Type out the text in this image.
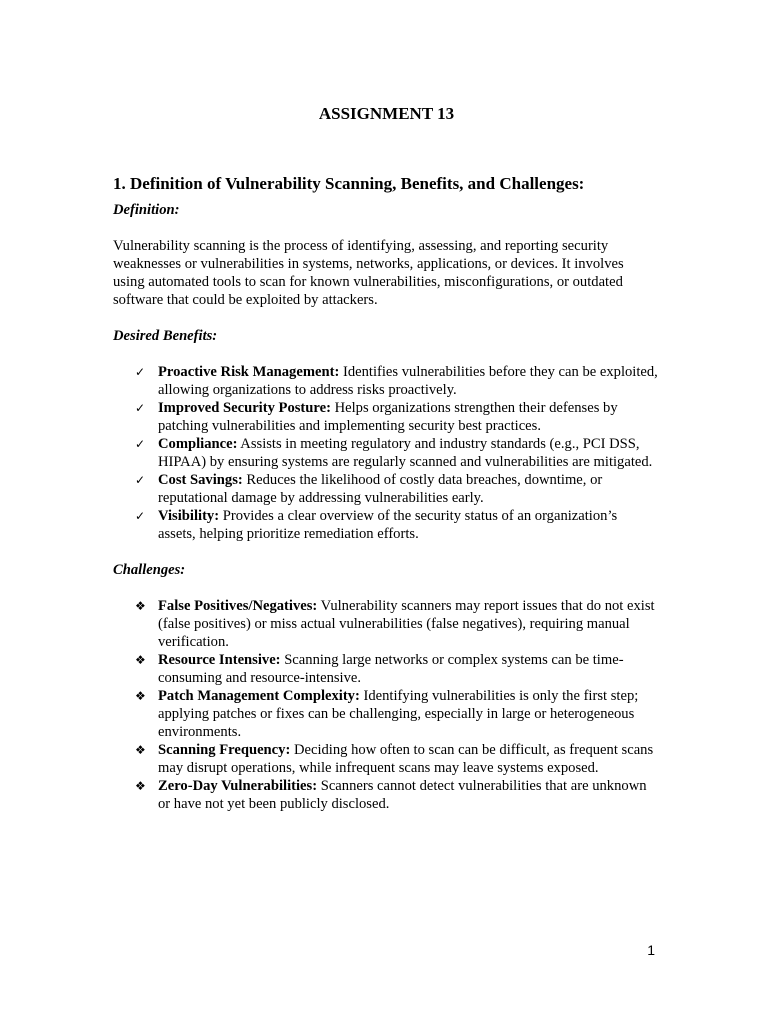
ASSIGNMENT 13
1. Definition of Vulnerability Scanning, Benefits, and Challenges:

Definition:

Vulnerability scanning is the process of identifying, assessing, and reporting security weaknesses or vulnerabilities in systems, networks, applications, or devices. It involves using automated tools to scan for known vulnerabilities, misconfigurations, or outdated software that could be exploited by attackers.

Desired Benefits:

✓ Proactive Risk Management: Identifies vulnerabilities before they can be exploited, allowing organizations to address risks proactively.
✓ Improved Security Posture: Helps organizations strengthen their defenses by patching vulnerabilities and implementing security best practices.
✓ Compliance: Assists in meeting regulatory and industry standards (e.g., PCI DSS, HIPAA) by ensuring systems are regularly scanned and vulnerabilities are mitigated.
✓ Cost Savings: Reduces the likelihood of costly data breaches, downtime, or reputational damage by addressing vulnerabilities early.
✓ Visibility: Provides a clear overview of the security status of an organization’s assets, helping prioritize remediation efforts.

Challenges:

❖ False Positives/Negatives: Vulnerability scanners may report issues that do not exist (false positives) or miss actual vulnerabilities (false negatives), requiring manual verification.
❖ Resource Intensive: Scanning large networks or complex systems can be time-consuming and resource-intensive.
❖ Patch Management Complexity: Identifying vulnerabilities is only the first step; applying patches or fixes can be challenging, especially in large or heterogeneous environments.
❖ Scanning Frequency: Deciding how often to scan can be difficult, as frequent scans may disrupt operations, while infrequent scans may leave systems exposed.
❖ Zero-Day Vulnerabilities: Scanners cannot detect vulnerabilities that are unknown or have not yet been publicly disclosed.
1
